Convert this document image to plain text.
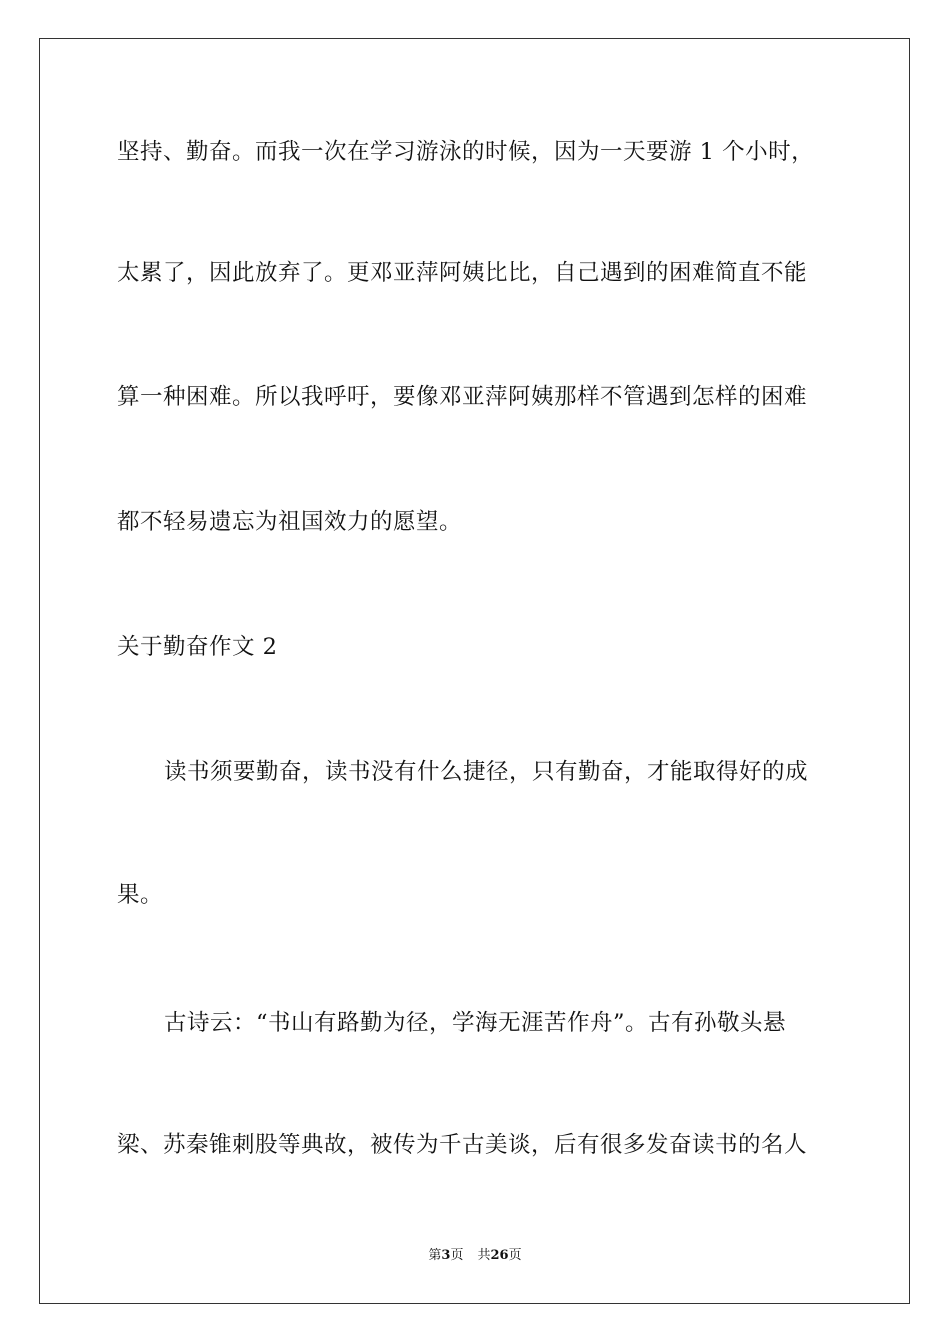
坚持、勤奋。而我一次在学习游泳的时候，因为一天要游 1 个小时，
太累了，因此放弃了。更邓亚萍阿姨比比，自己遇到的困难简直不能
算一种困难。所以我呼吁，要像邓亚萍阿姨那样不管遇到怎样的困难
都不轻易遗忘为祖国效力的愿望。
关于勤奋作文 2
读书须要勤奋，读书没有什么捷径，只有勤奋，才能取得好的成
果。
古诗云：“书山有路勤为径，学海无涯苦作舟”。古有孙敬头悬
梁、苏秦锥刺股等典故，被传为千古美谈，后有很多发奋读书的名人
第3页 共26页
